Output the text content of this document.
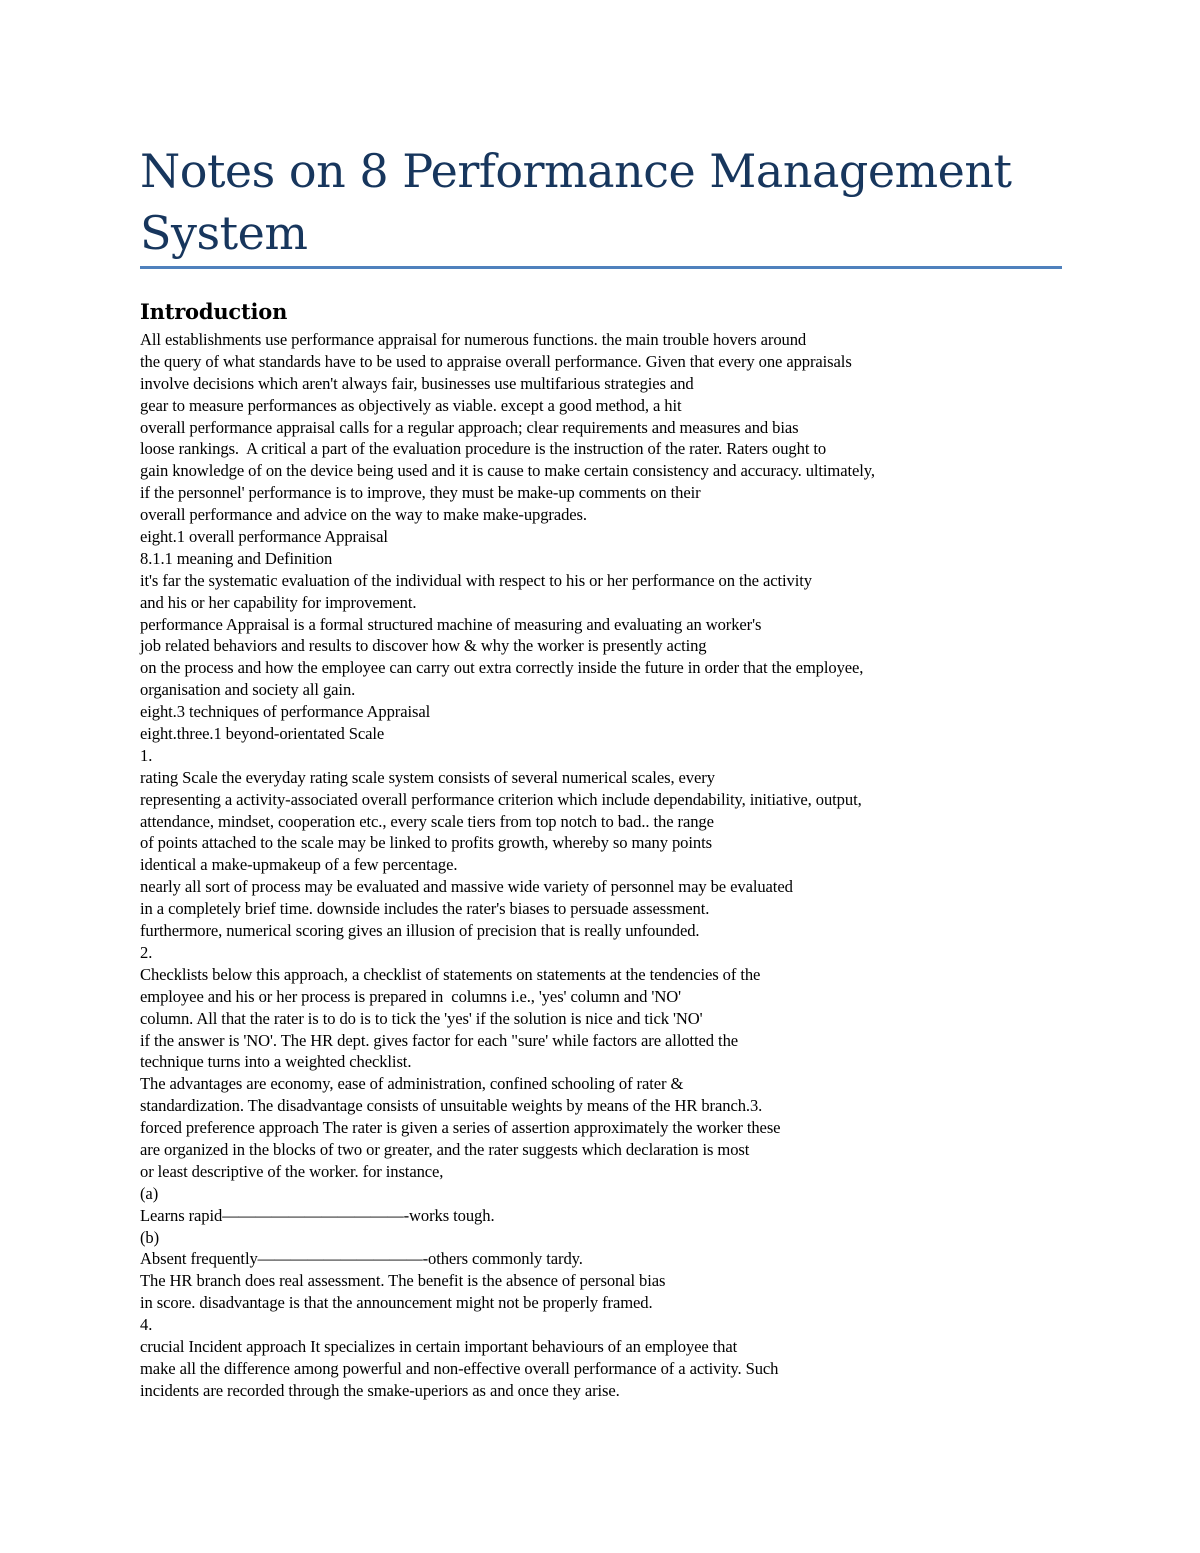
Notes on 8 Performance Management
System
Introduction
All establishments use performance appraisal for numerous functions. the main trouble hovers around
the query of what standards have to be used to appraise overall performance. Given that every one appraisals
involve decisions which aren't always fair, businesses use multifarious strategies and
gear to measure performances as objectively as viable. except a good method, a hit
overall performance appraisal calls for a regular approach; clear requirements and measures and bias
loose rankings.  A critical a part of the evaluation procedure is the instruction of the rater. Raters ought to
gain knowledge of on the device being used and it is cause to make certain consistency and accuracy. ultimately,
if the personnel' performance is to improve, they must be make-up comments on their
overall performance and advice on the way to make make-upgrades.
eight.1 overall performance Appraisal
8.1.1 meaning and Definition
it's far the systematic evaluation of the individual with respect to his or her performance on the activity
and his or her capability for improvement.
performance Appraisal is a formal structured machine of measuring and evaluating an worker's
job related behaviors and results to discover how & why the worker is presently acting
on the process and how the employee can carry out extra correctly inside the future in order that the employee,
organisation and society all gain.
eight.3 techniques of performance Appraisal
eight.three.1 beyond-orientated Scale
1.
rating Scale the everyday rating scale system consists of several numerical scales, every
representing a activity-associated overall performance criterion which include dependability, initiative, output,
attendance, mindset, cooperation etc., every scale tiers from top notch to bad.. the range
of points attached to the scale may be linked to profits growth, whereby so many points
identical a make-upmakeup of a few percentage.
nearly all sort of process may be evaluated and massive wide variety of personnel may be evaluated
in a completely brief time. downside includes the rater's biases to persuade assessment.
furthermore, numerical scoring gives an illusion of precision that is really unfounded.
2.
Checklists below this approach, a checklist of statements on statements at the tendencies of the
employee and his or her process is prepared in  columns i.e., 'yes' column and 'NO'
column. All that the rater is to do is to tick the 'yes' if the solution is nice and tick 'NO'
if the answer is 'NO'. The HR dept. gives factor for each "sure' while factors are allotted the
technique turns into a weighted checklist.
The advantages are economy, ease of administration, confined schooling of rater &
standardization. The disadvantage consists of unsuitable weights by means of the HR branch.3.
forced preference approach The rater is given a series of assertion approximately the worker these
are organized in the blocks of two or greater, and the rater suggests which declaration is most
or least descriptive of the worker. for instance,
(a)
Learns rapid———————————-works tough.
(b)
Absent frequently——————————-others commonly tardy.
The HR branch does real assessment. The benefit is the absence of personal bias
in score. disadvantage is that the announcement might not be properly framed.
4.
crucial Incident approach It specializes in certain important behaviours of an employee that
make all the difference among powerful and non-effective overall performance of a activity. Such
incidents are recorded through the smake-uperiors as and once they arise.
